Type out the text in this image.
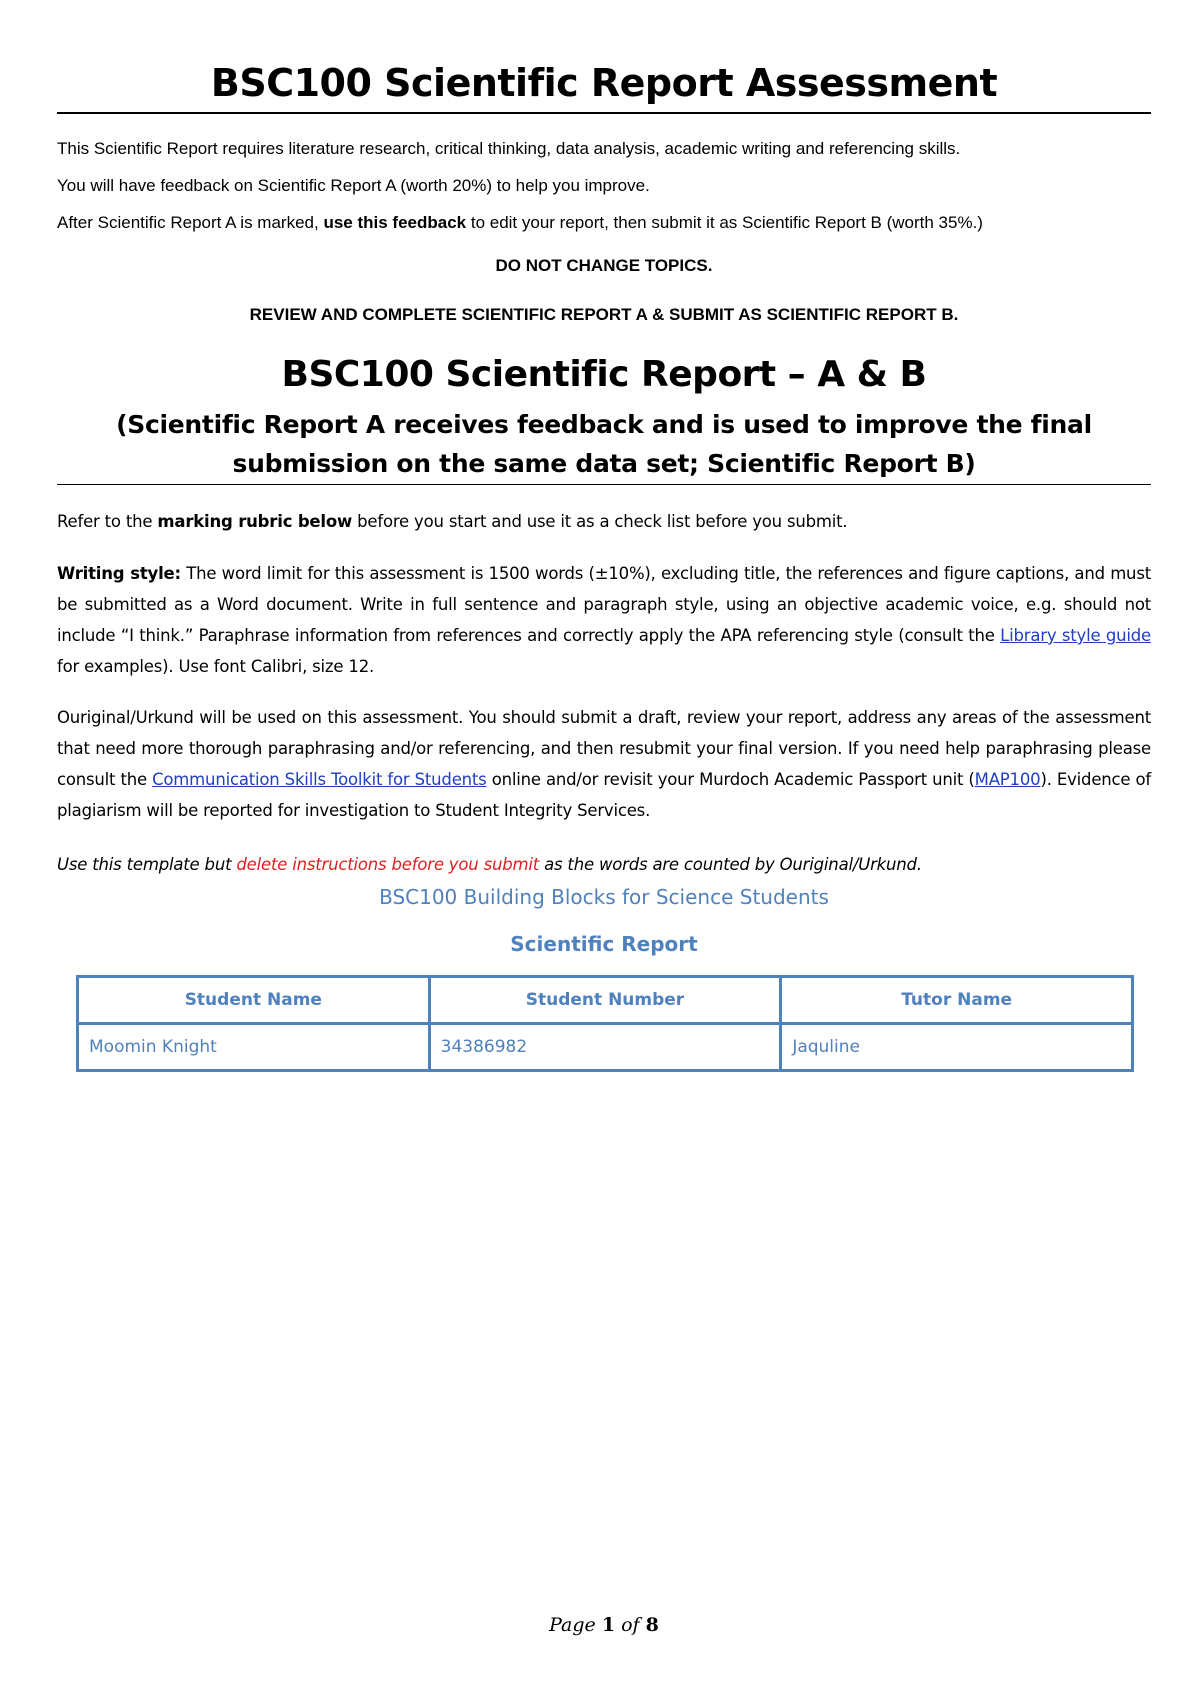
BSC100 Scientific Report Assessment
This Scientific Report requires literature research, critical thinking, data analysis, academic writing and referencing skills.
You will have feedback on Scientific Report A (worth 20%) to help you improve.
After Scientific Report A is marked, use this feedback to edit your report, then submit it as Scientific Report B (worth 35%.)
DO NOT CHANGE TOPICS.
REVIEW AND COMPLETE SCIENTIFIC REPORT A & SUBMIT AS SCIENTIFIC REPORT B.
BSC100 Scientific Report – A & B
(Scientific Report A receives feedback and is used to improve the final
submission on the same data set; Scientific Report B)
Refer to the marking rubric below before you start and use it as a check list before you submit.
Writing style: The word limit for this assessment is 1500 words (±10%), excluding title, the references and figure captions, and must be submitted as a Word document. Write in full sentence and paragraph style, using an objective academic voice, e.g. should not include “I think.” Paraphrase information from references and correctly apply the APA referencing style (consult the Library style guide for examples). Use font Calibri, size 12.
Ouriginal/Urkund will be used on this assessment. You should submit a draft, review your report, address any areas of the assessment that need more thorough paraphrasing and/or referencing, and then resubmit your final version. If you need help paraphrasing please consult the Communication Skills Toolkit for Students online and/or revisit your Murdoch Academic Passport unit (MAP100). Evidence of plagiarism will be reported for investigation to Student Integrity Services.
Use this template but delete instructions before you submit as the words are counted by Ouriginal/Urkund.
BSC100 Building Blocks for Science Students
Scientific Report
Student Name	Student Number	Tutor Name
Moomin Knight	34386982	Jaquline
Page 1 of 8
